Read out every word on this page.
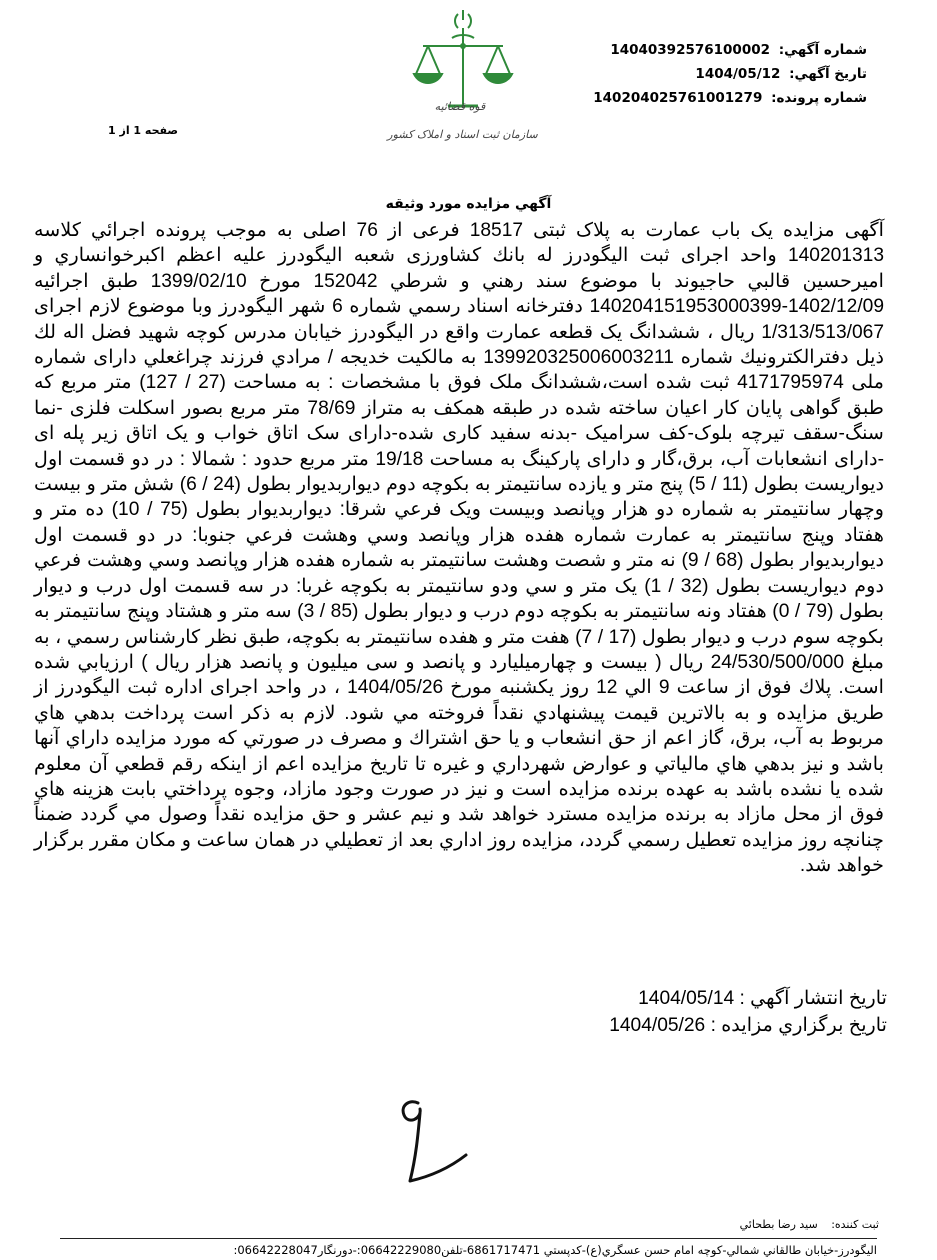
شماره آگهي: 14040392576100002
تاريخ آگهي: 1404/05/12
شماره پرونده: 140204025761001279
قوه قضائيه
سازمان ثبت اسناد و املاک کشور
صفحه 1 از 1
آگهي مزايده مورد وثيقه

آگهی مزایده یک باب عمارت به پلاک ثبتی 18517 فرعی از 76 اصلی به موجب پرونده اجرائي كلاسه 140201313 واحد اجرای ثبت الیگودرز له بانك كشاورزی شعبه الیگودرز عليه اعظم اكبرخوانساري و اميرحسين قالبي حاجيوند با موضوع سند رهني و شرطي 152042 مورخ 1399/02/10 طبق اجرائيه 1402/12/09-140204151953000399 دفترخانه اسناد رسمي شماره 6 شهر اليگودرز وبا موضوع لازم اجرای 1/313/513/067 ريال ، ششدانگ يک قطعه عمارت واقع در اليگودرز خيابان مدرس كوچه شهيد فضل اله لك ذيل دفترالكترونيك شماره 139920325006003211 به مالكيت خديجه / مرادي فرزند چراغعلي دارای شماره ملی 4171795974 ثبت شده است،ششدانگ ملک فوق با مشخصات : به مساحت (27 / 127) متر مربع كه طبق گواهی پایان كار اعيان ساخته شده در طبقه همكف به متراز 78/69 متر مربع بصور اسكلت فلزی -نما سنگ-سقف تيرچه بلوک-كف سراميک -بدنه سفيد كاری شده-دارای سک اتاق خواب و يک اتاق زير پله ای -دارای انشعابات آب، برق،گار و دارای پاركينگ به مساحت 19/18 متر مربع حدود : شمالا : در دو قسمت اول ديواريست بطول (11 / 5) پنج متر و يازده سانتيمتر به بكوچه دوم ديواربديوار بطول (24 / 6) شش متر و بيست وچهار سانتيمتر به شماره دو هزار وپانصد وبيست ويک فرعي شرقا: ديواربديوار بطول (75 / 10) ده متر و هفتاد وپنج سانتيمتر به عمارت شماره هفده هزار وپانصد وسي وهشت فرعي جنوبا: در دو قسمت اول ديواربديوار بطول (68 / 9) نه متر و شصت وهشت سانتيمتر به شماره هفده هزار وپانصد وسي وهشت فرعي دوم ديواريست بطول (32 / 1) يک متر و سي ودو سانتيمتر به بكوچه غربا: در سه قسمت اول درب و ديوار بطول (79 / 0) هفتاد ونه سانتيمتر به بكوچه دوم درب و ديوار بطول (85 / 3) سه متر و هشتاد وپنج سانتيمتر به بكوچه سوم درب و ديوار بطول (17 / 7) هفت متر و هفده سانتيمتر به بكوچه، طبق نظر كارشناس رسمي ، به مبلغ 24/530/500/000 ريال ( بيست و چهارميليارد و پانصد و سی ميليون و پانصد هزار ريال ) ارزيابي شده است. پلاك فوق از ساعت 9 الي 12 روز يكشنبه مورخ 1404/05/26 ، در واحد اجرای اداره ثبت اليگودرز از طريق مزايده و به بالاترين قيمت پيشنهادي نقداً فروخته مي شود. لازم به ذكر است پرداخت بدهي هاي مربوط به آب، برق، گاز اعم از حق انشعاب و يا حق اشتراك و مصرف در صورتي كه مورد مزايده داراي آنها باشد و نيز بدهي هاي مالياتي و عوارض شهرداري و غيره تا تاريخ مزايده اعم از اينكه رقم قطعي آن معلوم شده يا نشده باشد به عهده برنده مزايده است و نيز در صورت وجود مازاد، وجوه پرداختي بابت هزينه هاي فوق از محل مازاد به برنده مزايده مسترد خواهد شد و نيم عشر و حق مزايده نقداً وصول مي گردد ضمناً چنانچه روز مزايده تعطيل رسمي گردد، مزايده روز اداري بعد از تعطيلي در همان ساعت و مكان مقرر برگزار خواهد شد.

تاريخ انتشار آگهي : 1404/05/14
تاريخ برگزاري مزايده : 1404/05/26
ثبت كننده: سيد رضا بطحائي
اليگودرز-خيابان طالقاني شمالي-كوچه امام حسن عسگري(ع)-كدپستي 6861717471-تلفن06642229080:-دورنگار06642228047:
